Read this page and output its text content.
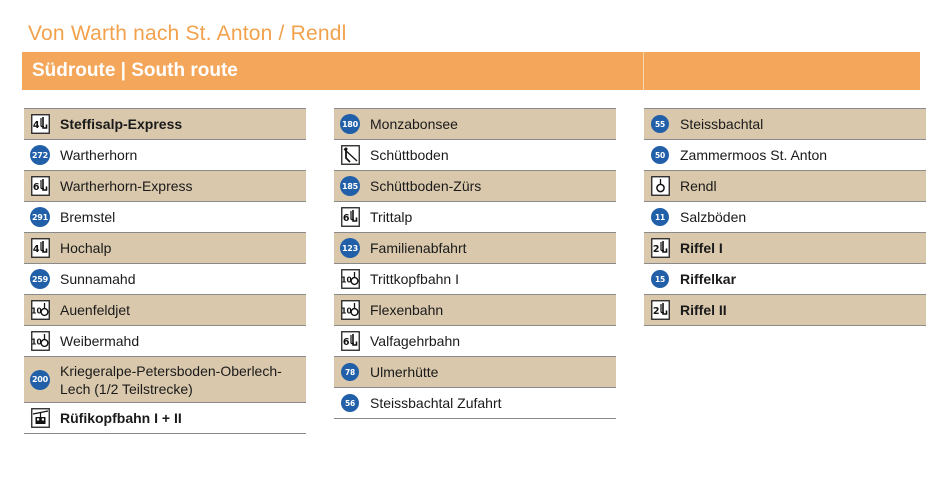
Von Warth nach St. Anton / Rendl
Südroute | South route
4 Steffisalp-Express
272 Wartherhorn
6 Wartherhorn-Express
291 Bremstel
4 Hochalp
259 Sunnamahd
10 Auenfeldjet
10 Weibermahd
200
Kriegeralpe-Petersboden-Oberlech-Lech (1/2 Teilstrecke)
Rüfikopfbahn I + II
180 Monzabonsee
Schüttboden
185 Schüttboden-Zürs
6 Trittalp
123 Familienabfahrt
10 Trittkopfbahn I
10 Flexenbahn
6 Valfagehrbahn
78 Ulmerhütte
56 Steissbachtal Zufahrt
55 Steissbachtal
50 Zammermoos St. Anton
Rendl
11 Salzböden
2 Riffel I
15 Riffelkar
2 Riffel II
